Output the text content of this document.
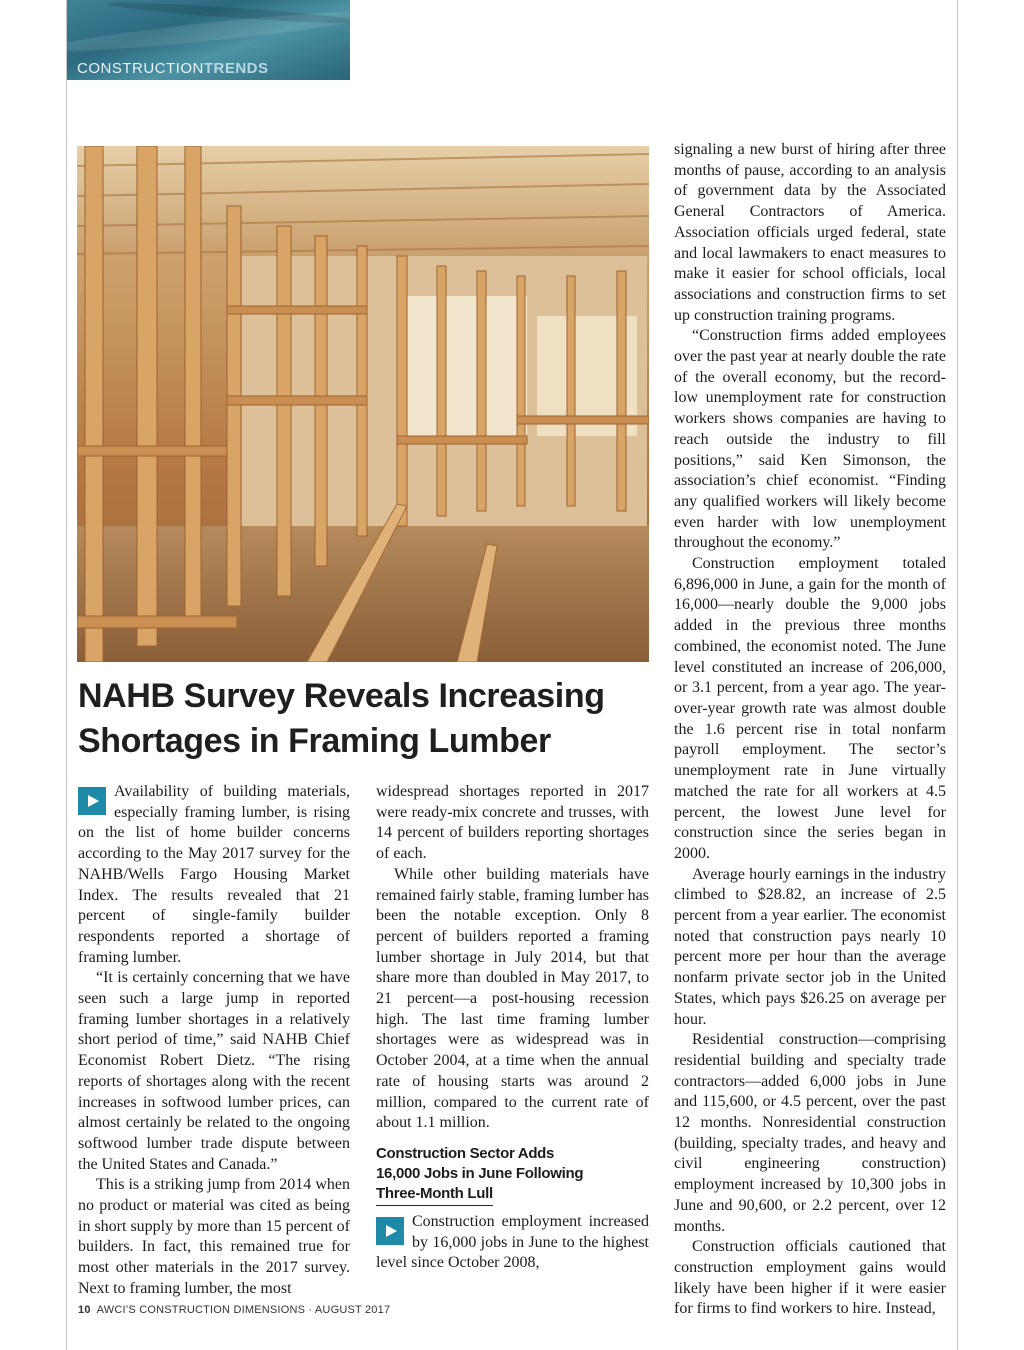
CONSTRUCTIONTRENDS
NAHB Survey Reveals Increasing Shortages in Framing Lumber

Availability of building materials, especially framing lumber, is rising on the list of home builder concerns according to the May 2017 survey for the NAHB/Wells Fargo Housing Market Index. The results revealed that 21 percent of single-family builder respondents reported a shortage of framing lumber.

“It is certainly concerning that we have seen such a large jump in reported framing lumber shortages in a relatively short period of time,” said NAHB Chief Economist Robert Dietz. “The rising reports of shortages along with the recent increases in softwood lumber prices, can almost certainly be related to the ongoing softwood lumber trade dispute between the United States and Canada.”

This is a striking jump from 2014 when no product or material was cited as being in short supply by more than 15 percent of builders. In fact, this remained true for most other materials in the 2017 survey. Next to framing lumber, the most

widespread shortages reported in 2017 were ready-mix concrete and trusses, with 14 percent of builders reporting shortages of each.

While other building materials have remained fairly stable, framing lumber has been the notable exception. Only 8 percent of builders reported a framing lumber shortage in July 2014, but that share more than doubled in May 2017, to 21 percent—a post-housing recession high. The last time framing lumber shortages were as widespread was in October 2004, at a time when the annual rate of housing starts was around 2 million, compared to the current rate of about 1.1 million.

Construction Sector Adds
16,000 Jobs in June Following
Three-Month Lull

Construction employment increased by 16,000 jobs in June to the highest level since October 2008,

signaling a new burst of hiring after three months of pause, according to an analysis of government data by the Associated General Contractors of America. Association officials urged federal, state and local lawmakers to enact measures to make it easier for school officials, local associations and construction firms to set up construction training programs.

“Construction firms added employees over the past year at nearly double the rate of the overall economy, but the record-low unemployment rate for construction workers shows companies are having to reach outside the industry to fill positions,” said Ken Simonson, the association’s chief economist. “Finding any qualified workers will likely become even harder with low unemployment throughout the economy.”

Construction employment totaled 6,896,000 in June, a gain for the month of 16,000—nearly double the 9,000 jobs added in the previous three months combined, the economist noted. The June level constituted an increase of 206,000, or 3.1 percent, from a year ago. The year-over-year growth rate was almost double the 1.6 percent rise in total nonfarm payroll employment. The sector’s unemployment rate in June virtually matched the rate for all workers at 4.5 percent, the lowest June level for construction since the series began in 2000.

Average hourly earnings in the industry climbed to $28.82, an increase of 2.5 percent from a year earlier. The economist noted that construction pays nearly 10 percent more per hour than the average nonfarm private sector job in the United States, which pays $26.25 on average per hour.

Residential construction—comprising residential building and specialty trade contractors—added 6,000 jobs in June and 115,600, or 4.5 percent, over the past 12 months. Nonresidential construction (building, specialty trades, and heavy and civil engineering construction) employment increased by 10,300 jobs in June and 90,600, or 2.2 percent, over 12 months.

Construction officials cautioned that construction employment gains would likely have been higher if it were easier for firms to find workers to hire. Instead,

10 AWCI’S CONSTRUCTION DIMENSIONS · AUGUST 2017
